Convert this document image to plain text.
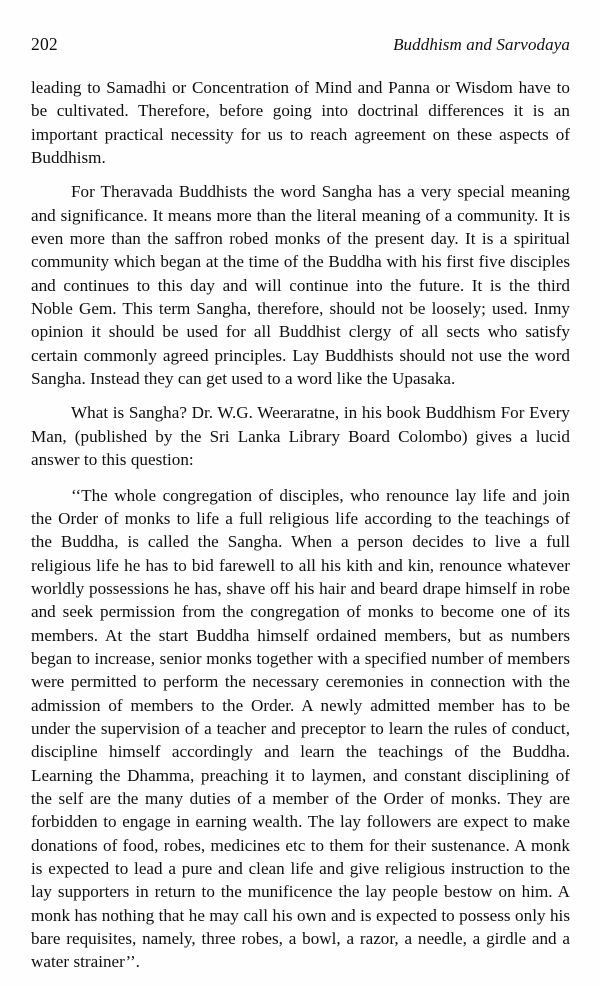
202	Buddhism and Sarvodaya

leading to Samadhi or Concentration of Mind and Panna or Wisdom have to be cultivated. Therefore, before going into doctrinal differences it is an important practical necessity for us to reach agreement on these aspects of Buddhism.

For Theravada Buddhists the word Sangha has a very special meaning and significance. It means more than the literal meaning of a community. It is even more than the saffron robed monks of the present day. It is a spiritual community which began at the time of the Buddha with his first five disciples and continues to this day and will continue into the future. It is the third Noble Gem. This term Sangha, therefore, should not be loosely; used. Inmy opinion it should be used for all Buddhist clergy of all sects who satisfy certain commonly agreed principles. Lay Buddhists should not use the word Sangha. Instead they can get used to a word like the Upasaka.

What is Sangha? Dr. W.G. Weeraratne, in his book Buddhism For Every Man, (published by the Sri Lanka Library Board Colombo) gives a lucid answer to this question:

‘‘The whole congregation of disciples, who renounce lay life and join the Order of monks to life a full religious life according to the teachings of the Buddha, is called the Sangha. When a person decides to live a full religious life he has to bid farewell to all his kith and kin, renounce whatever worldly possessions he has, shave off his hair and beard drape himself in robe and seek permission from the congregation of monks to become one of its members. At the start Buddha himself ordained members, but as numbers began to increase, senior monks together with a specified number of members were permitted to perform the necessary ceremonies in connection with the admission of members to the Order. A newly admitted member has to be under the supervision of a teacher and preceptor to learn the rules of conduct, discipline himself accordingly and learn the teachings of the Buddha. Learning the Dhamma, preaching it to laymen, and constant disciplining of the self are the many duties of a member of the Order of monks. They are forbidden to engage in earning wealth. The lay followers are expect to make donations of food, robes, medicines etc to them for their sustenance. A monk is expected to lead a pure and clean life and give religious instruction to the lay supporters in return to the munificence the lay people bestow on him. A monk has nothing that he may call his own and is expected to possess only his bare requisites, namely, three robes, a bowl, a razor, a needle, a girdle and a water strainer’’.
